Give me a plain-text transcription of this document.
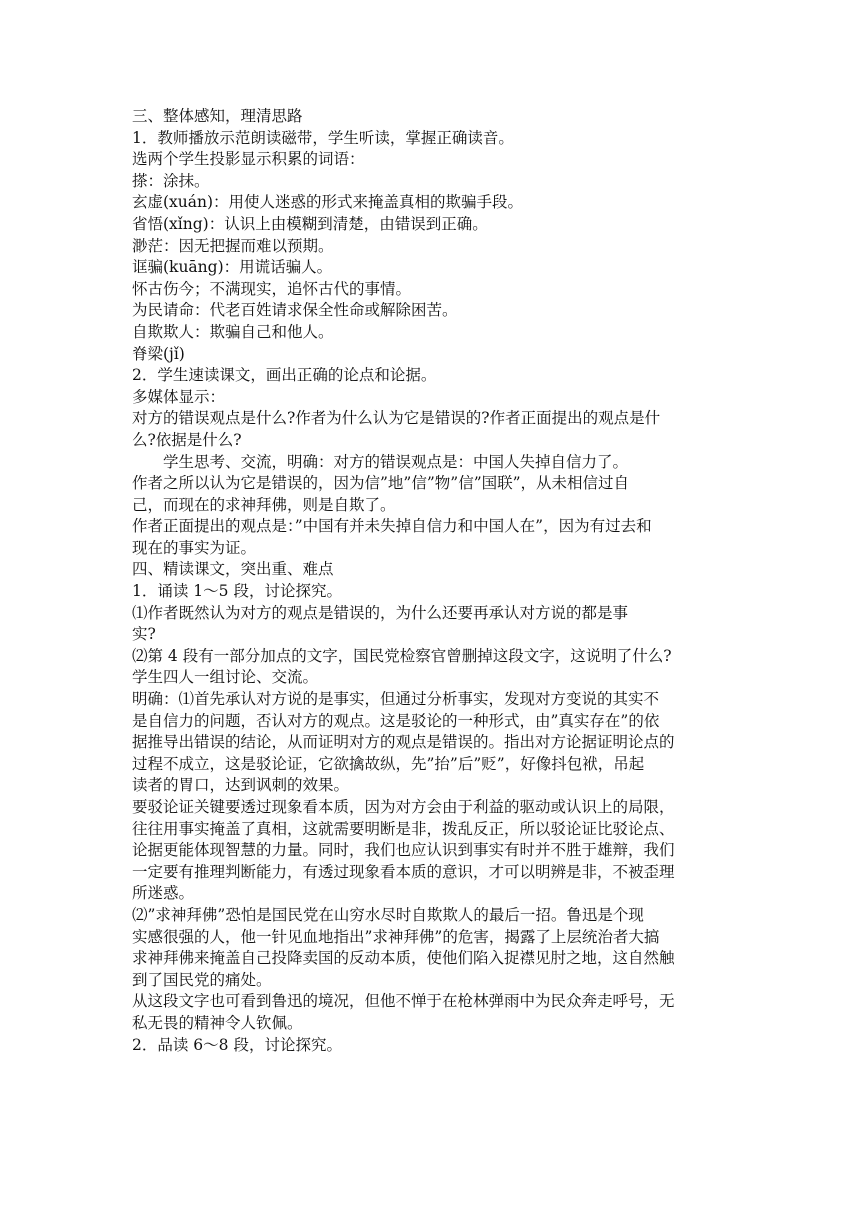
三、整体感知，理清思路
1．教师播放示范朗读磁带，学生听读，掌握正确读音。
选两个学生投影显示积累的词语：
搽：涂抹。
玄虚(xuán)：用使人迷惑的形式来掩盖真相的欺骗手段。
省悟(xǐng)：认识上由模糊到清楚，由错误到正确。
渺茫：因无把握而难以预期。
诓骗(kuāng)：用谎话骗人。
怀古伤今；不满现实，追怀古代的事情。
为民请命：代老百姓请求保全性命或解除困苦。
自欺欺人：欺骗自己和他人。
脊梁(jǐ)
2．学生速读课文，画出正确的论点和论据。
多媒体显示：
对方的错误观点是什么?作者为什么认为它是错误的?作者正面提出的观点是什
么?依据是什么?
学生思考、交流，明确：对方的错误观点是：中国人失掉自信力了。
作者之所以认为它是错误的，因为信”地”信”物”信”国联”，从未相信过自
己，而现在的求神拜佛，则是自欺了。
作者正面提出的观点是：”中国有并未失掉自信力和中国人在”，因为有过去和
现在的事实为证。
四、精读课文，突出重、难点
1．诵读 1～5 段，讨论探究。
⑴作者既然认为对方的观点是错误的，为什么还要再承认对方说的都是事
实?
⑵第 4 段有一部分加点的文字，国民党检察官曾删掉这段文字，这说明了什么?
学生四人一组讨论、交流。
明确：⑴首先承认对方说的是事实，但通过分析事实，发现对方变说的其实不
是自信力的问题，否认对方的观点。这是驳论的一种形式，由”真实存在”的依
据推导出错误的结论，从而证明对方的观点是错误的。指出对方论据证明论点的
过程不成立，这是驳论证，它欲擒故纵，先”抬”后”贬”，好像抖包袱，吊起
读者的胃口，达到讽刺的效果。
要驳论证关键要透过现象看本质，因为对方会由于利益的驱动或认识上的局限，
往往用事实掩盖了真相，这就需要明断是非，拨乱反正，所以驳论证比驳论点、
论据更能体现智慧的力量。同时，我们也应认识到事实有时并不胜于雄辩，我们
一定要有推理判断能力，有透过现象看本质的意识，才可以明辨是非，不被歪理
所迷惑。
⑵”求神拜佛”恐怕是国民党在山穷水尽时自欺欺人的最后一招。鲁迅是个现
实感很强的人，他一针见血地指出”求神拜佛”的危害，揭露了上层统治者大搞
求神拜佛来掩盖自己投降卖国的反动本质，使他们陷入捉襟见肘之地，这自然触
到了国民党的痛处。
从这段文字也可看到鲁迅的境况，但他不惮于在枪林弹雨中为民众奔走呼号，无
私无畏的精神令人钦佩。
2．品读 6～8 段，讨论探究。
